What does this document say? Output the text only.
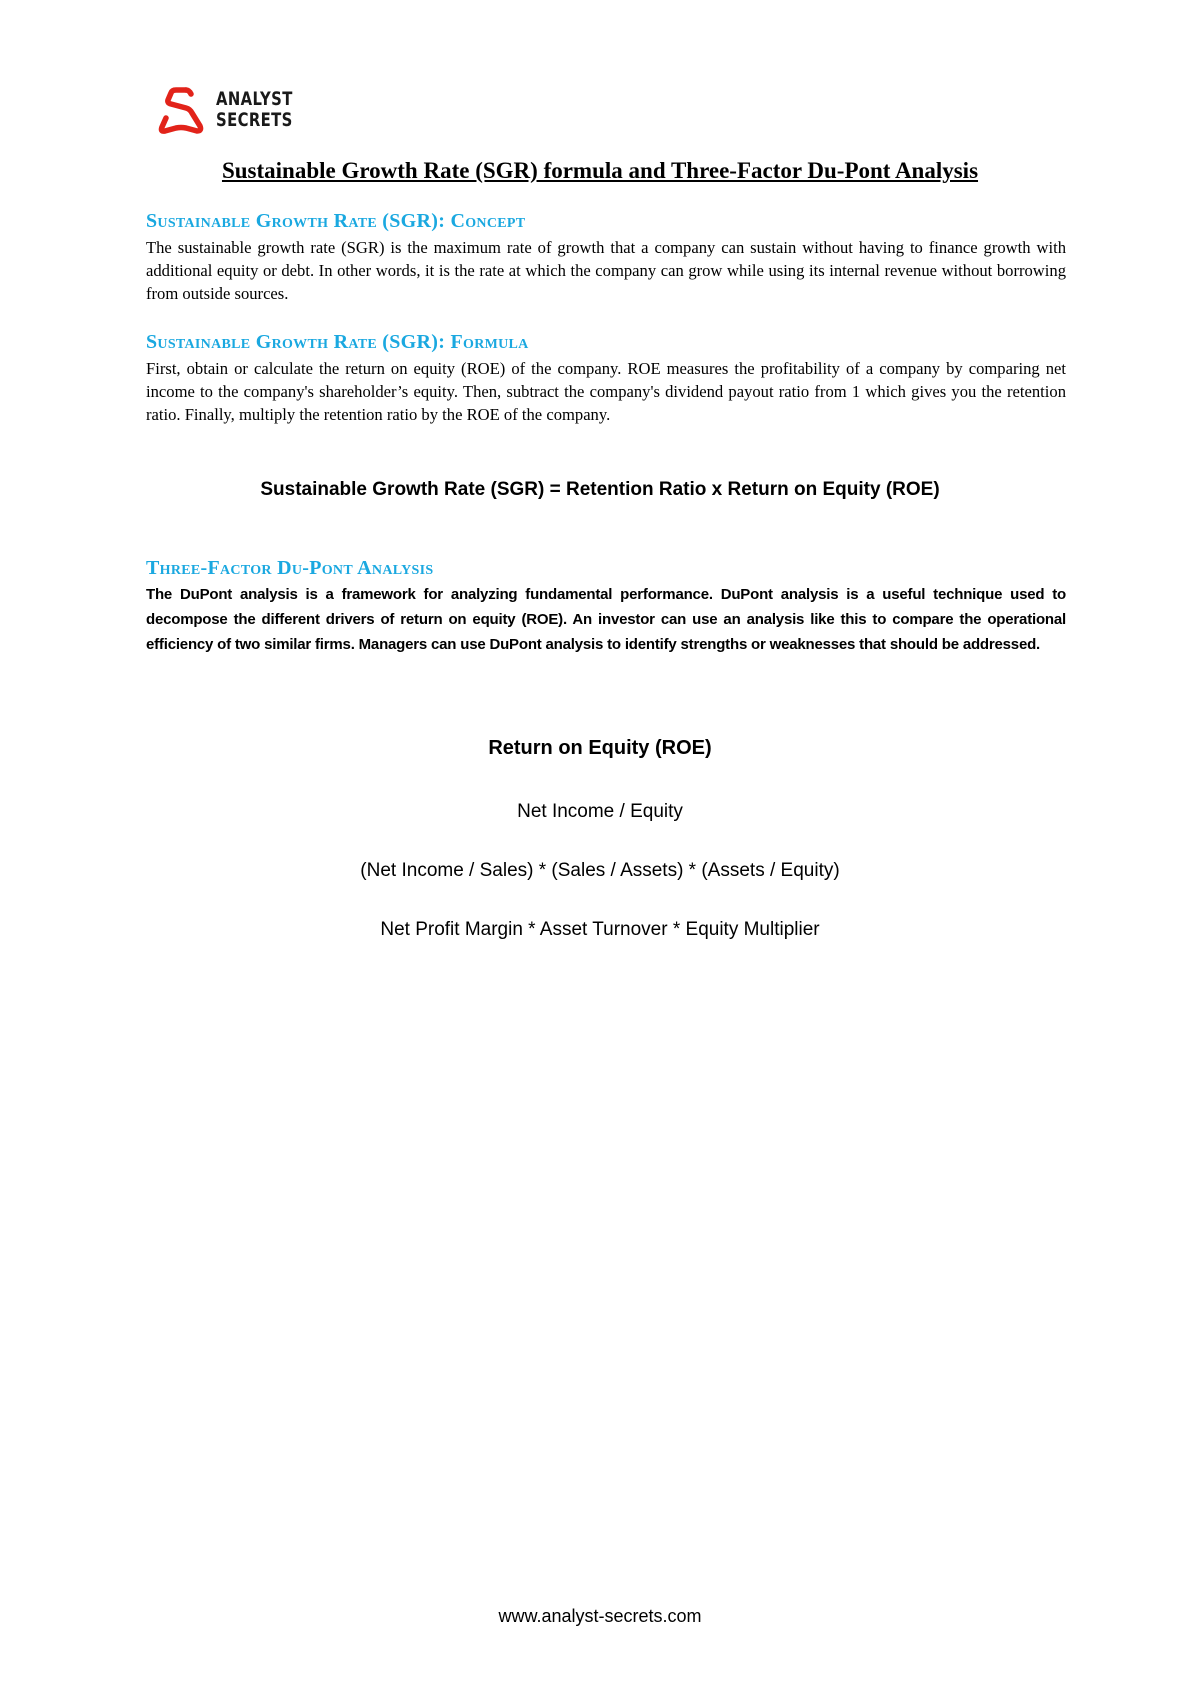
ANALYST
SECRETS
Sustainable Growth Rate (SGR) formula and Three-Factor Du-Pont Analysis
Sustainable Growth Rate (SGR): Concept
The sustainable growth rate (SGR) is the maximum rate of growth that a company can sustain without having to finance growth with additional equity or debt. In other words, it is the rate at which the company can grow while using its internal revenue without borrowing from outside sources.
Sustainable Growth Rate (SGR): Formula
First, obtain or calculate the return on equity (ROE) of the company. ROE measures the profitability of a company by comparing net income to the company's shareholder’s equity. Then, subtract the company's dividend payout ratio from 1 which gives you the retention ratio. Finally, multiply the retention ratio by the ROE of the company.
Sustainable Growth Rate (SGR) = Retention Ratio x Return on Equity (ROE)
Three-Factor Du-Pont Analysis
The DuPont analysis is a framework for analyzing fundamental performance. DuPont analysis is a useful technique used to decompose the different drivers of return on equity (ROE). An investor can use an analysis like this to compare the operational efficiency of two similar firms. Managers can use DuPont analysis to identify strengths or weaknesses that should be addressed.
Return on Equity (ROE)
Net Income / Equity
(Net Income / Sales) * (Sales / Assets) * (Assets / Equity)
Net Profit Margin * Asset Turnover * Equity Multiplier
www.analyst-secrets.com
